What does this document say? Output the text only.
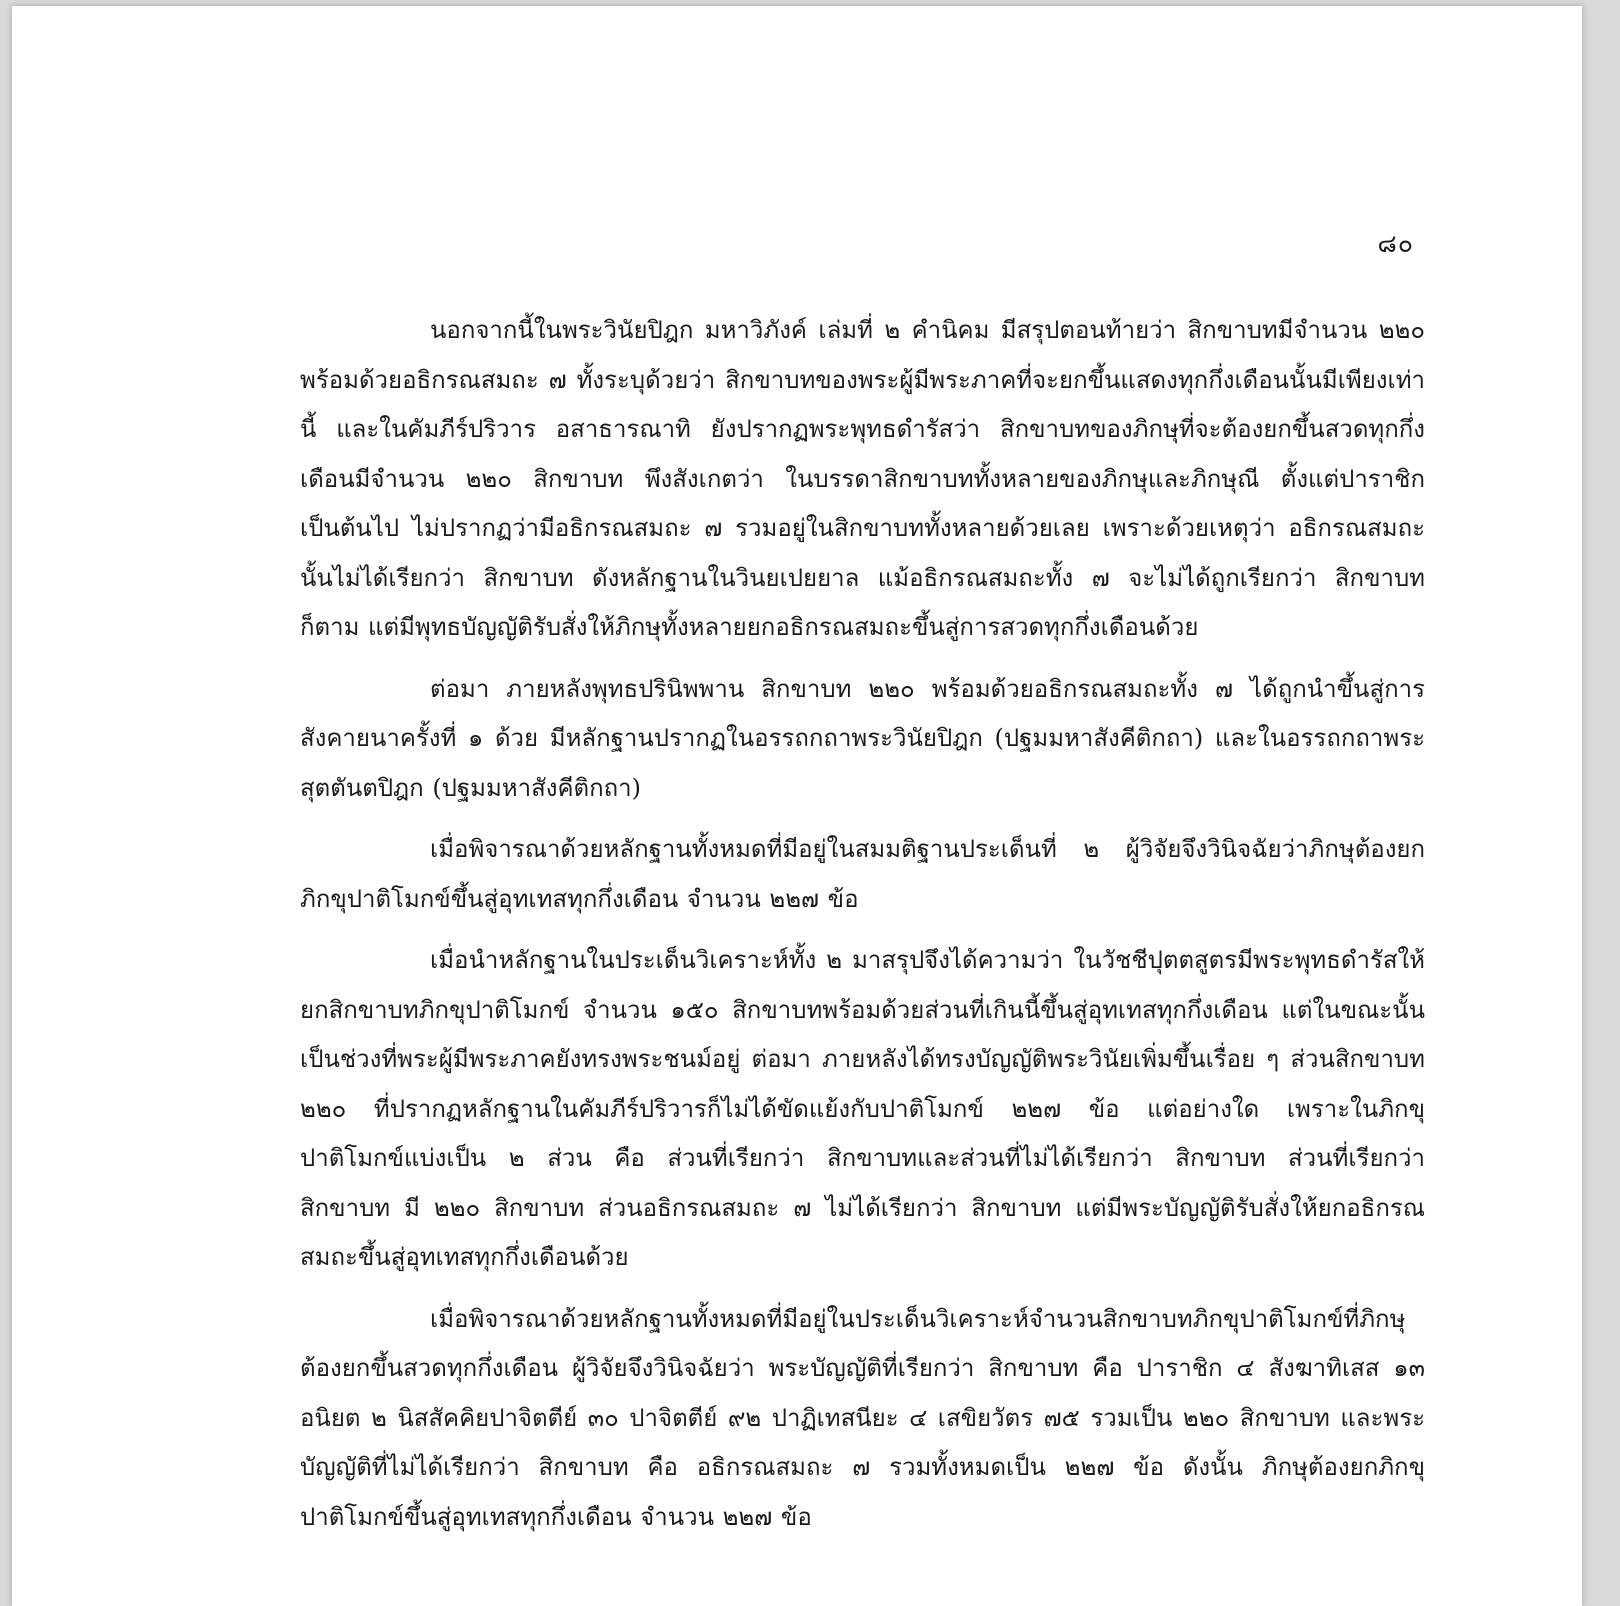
๘๐

นอกจากนี้ในพระวินัยปิฎก มหาวิภังค์ เล่มที่ ๒ คำนิคม มีสรุปตอนท้ายว่า สิกขาบทมีจำนวน ๒๒๐ พร้อมด้วยอธิกรณสมถะ ๗ ทั้งระบุด้วยว่า สิกขาบทของพระผู้มีพระภาคที่จะยกขึ้นแสดงทุกกึ่งเดือนนั้นมีเพียงเท่านี้ และในคัมภีร์ปริวาร อสาธารณาทิ ยังปรากฏพระพุทธดำรัสว่า สิกขาบทของภิกษุที่จะต้องยกขึ้นสวดทุกกึ่งเดือนมีจำนวน ๒๒๐ สิกขาบท พึงสังเกตว่า ในบรรดาสิกขาบททั้งหลายของภิกษุและภิกษุณี ตั้งแต่ปาราชิกเป็นต้นไป ไม่ปรากฏว่ามีอธิกรณสมถะ ๗ รวมอยู่ในสิกขาบททั้งหลายด้วยเลย เพราะด้วยเหตุว่า อธิกรณสมถะนั้นไม่ได้เรียกว่า สิกขาบท ดังหลักฐานในวินยเปยยาล แม้อธิกรณสมถะทั้ง ๗ จะไม่ได้ถูกเรียกว่า สิกขาบทก็ตาม แต่มีพุทธบัญญัติรับสั่งให้ภิกษุทั้งหลายยกอธิกรณสมถะขึ้นสู่การสวดทุกกึ่งเดือนด้วย

ต่อมา ภายหลังพุทธปรินิพพาน สิกขาบท ๒๒๐ พร้อมด้วยอธิกรณสมถะทั้ง ๗ ได้ถูกนำขึ้นสู่การสังคายนาครั้งที่ ๑ ด้วย มีหลักฐานปรากฏในอรรถกถาพระวินัยปิฎก (ปฐมมหาสังคีติกถา) และในอรรถกถาพระสุตตันตปิฎก (ปฐมมหาสังคีติกถา)

เมื่อพิจารณาด้วยหลักฐานทั้งหมดที่มีอยู่ในสมมติฐานประเด็นที่ ๒ ผู้วิจัยจึงวินิจฉัยว่าภิกษุต้องยกภิกขุปาติโมกข์ขึ้นสู่อุทเทสทุกกึ่งเดือน จำนวน ๒๒๗ ข้อ

เมื่อนำหลักฐานในประเด็นวิเคราะห์ทั้ง ๒ มาสรุปจึงได้ความว่า ในวัชชีปุตตสูตรมีพระพุทธดำรัสให้ยกสิกขาบทภิกขุปาติโมกข์ จำนวน ๑๕๐ สิกขาบทพร้อมด้วยส่วนที่เกินนี้ขึ้นสู่อุทเทสทุกกึ่งเดือน แต่ในขณะนั้นเป็นช่วงที่พระผู้มีพระภาคยังทรงพระชนม์อยู่ ต่อมา ภายหลังได้ทรงบัญญัติพระวินัยเพิ่มขึ้นเรื่อย ๆ ส่วนสิกขาบท ๒๒๐ ที่ปรากฏหลักฐานในคัมภีร์ปริวารก็ไม่ได้ขัดแย้งกับปาติโมกข์ ๒๒๗ ข้อ แต่อย่างใด เพราะในภิกขุปาติโมกข์แบ่งเป็น ๒ ส่วน คือ ส่วนที่เรียกว่า สิกขาบทและส่วนที่ไม่ได้เรียกว่า สิกขาบท ส่วนที่เรียกว่า สิกขาบท มี ๒๒๐ สิกขาบท ส่วนอธิกรณสมถะ ๗ ไม่ได้เรียกว่า สิกขาบท แต่มีพระบัญญัติรับสั่งให้ยกอธิกรณสมถะขึ้นสู่อุทเทสทุกกึ่งเดือนด้วย

เมื่อพิจารณาด้วยหลักฐานทั้งหมดที่มีอยู่ในประเด็นวิเคราะห์จำนวนสิกขาบทภิกขุปาติโมกข์ที่ภิกษุต้องยกขึ้นสวดทุกกึ่งเดือน ผู้วิจัยจึงวินิจฉัยว่า พระบัญญัติที่เรียกว่า สิกขาบท คือ ปาราชิก ๔ สังฆาทิเสส ๑๓ อนิยต ๒ นิสสัคคิยปาจิตตีย์ ๓๐ ปาจิตตีย์ ๙๒ ปาฏิเทสนียะ ๔ เสขิยวัตร ๗๕ รวมเป็น ๒๒๐ สิกขาบท และพระบัญญัติที่ไม่ได้เรียกว่า สิกขาบท คือ อธิกรณสมถะ ๗ รวมทั้งหมดเป็น ๒๒๗ ข้อ ดังนั้น ภิกษุต้องยกภิกขุปาติโมกข์ขึ้นสู่อุทเทสทุกกึ่งเดือน จำนวน ๒๒๗ ข้อ
